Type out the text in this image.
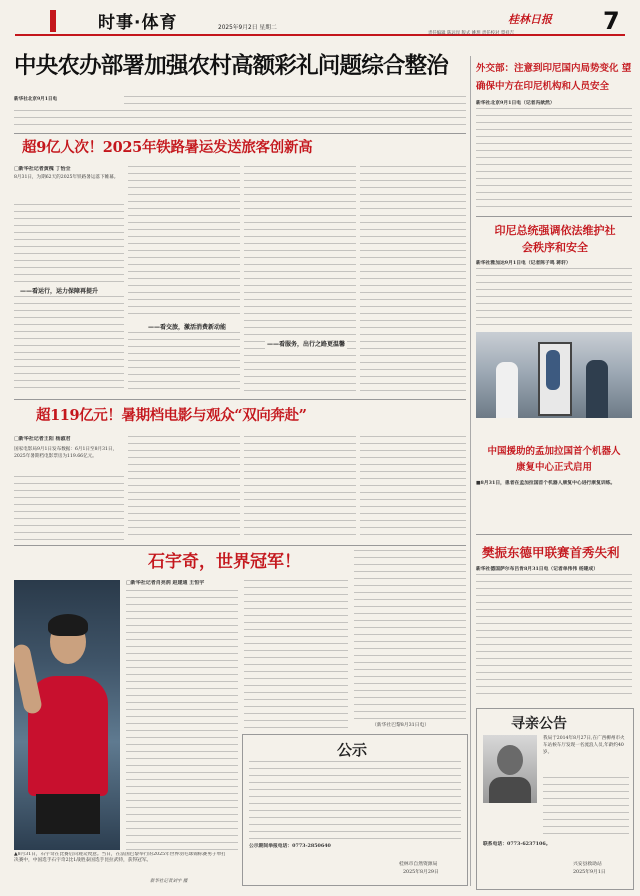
时事·体育	2025年9月2日 星期二
桂林日报
责任编辑 陈远岸 版式 姚玥 责任校对 覃祥吉	7
中央农办部署加强农村高额彩礼问题综合整治
新华社北京9月1日电
超9亿人次！2025年铁路暑运发送旅客创新高
□新华社记者黄槐 丁怡全
8月31日，为期62天的2025年铁路暑运落下帷幕。
——看运行，运力保障再提升
——看交旅，激活消费新动能
——看服务，出行之路更温馨
超119亿元！暑期档电影与观众“双向奔赴”
□新华社记者王阳 杨淑君
国家电影局9月1日发布数据：6月1日至8月31日，2025年暑期档电影票房为119.66亿元。
石宇奇，世界冠军！
▲8月31日，石宇奇在比赛后向观众致意。当日，在法国巴黎举行的2025年世界羽毛球锦标赛男子单打决赛中，中国选手石宇奇2比1战胜泰国选手昆拉武特，获得冠军。
新华社记者刘宇 摄
□新华社记者肖亮润 赵建通 王恒宇
（新华社巴黎8月31日电）
公示
公示期间举报电话：0773-2850640
桂林市自然资源局
2025年8月29日
外交部：注意到印尼国内局势变化 望确保中方在印尼机构和人员安全
新华社北京9月1日电（记者冯歆然）
印尼总统强调依法维护社会秩序和安全
新华社雅加达9月1日电（记者陈子鸣 蒋轩）
中国援助的孟加拉国首个机器人康复中心正式启用
■8月31日，患者在孟加拉国首个机器人康复中心进行康复训练。
樊振东德甲联赛首秀失利
新华社德国萨尔布吕肯8月31日电（记者单伟伟 杨建成）
寻亲公告
我局于2014年8月27日,在广西柳州市火车站候车厅发现一名流浪人员,年龄约40岁。
联系电话：0773-6237106。
兴安县救助站
2025年9月1日
